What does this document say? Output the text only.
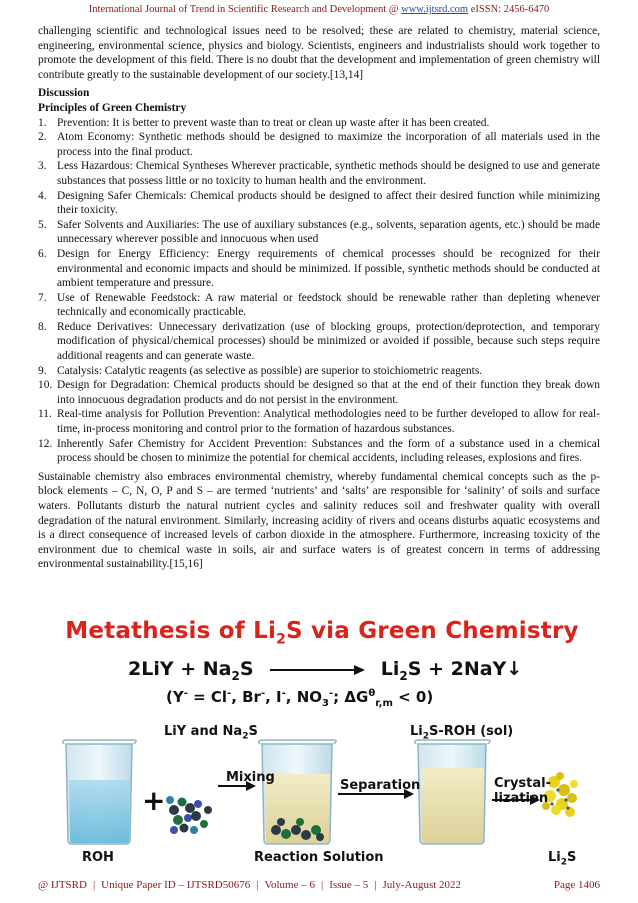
International Journal of Trend in Scientific Research and Development @ www.ijtsrd.com eISSN: 2456-6470

challenging scientific and technological issues need to be resolved; these are related to chemistry, material science, engineering, environmental science, physics and biology. Scientists, engineers and industrialists should work together to promote the development of this field. There is no doubt that the development and implementation of green chemistry will contribute greatly to the sustainable development of our society.[13,14]

Discussion

Principles of Green Chemistry

1. Prevention: It is better to prevent waste than to treat or clean up waste after it has been created.
2. Atom Economy: Synthetic methods should be designed to maximize the incorporation of all materials used in the process into the final product.
3. Less Hazardous: Chemical Syntheses Wherever practicable, synthetic methods should be designed to use and generate substances that possess little or no toxicity to human health and the environment.
4. Designing Safer Chemicals: Chemical products should be designed to affect their desired function while minimizing their toxicity.
5. Safer Solvents and Auxiliaries: The use of auxiliary substances (e.g., solvents, separation agents, etc.) should be made unnecessary wherever possible and innocuous when used
6. Design for Energy Efficiency: Energy requirements of chemical processes should be recognized for their environmental and economic impacts and should be minimized. If possible, synthetic methods should be conducted at ambient temperature and pressure.
7. Use of Renewable Feedstock: A raw material or feedstock should be renewable rather than depleting whenever technically and economically practicable.
8. Reduce Derivatives: Unnecessary derivatization (use of blocking groups, protection/deprotection, and temporary modification of physical/chemical processes) should be minimized or avoided if possible, because such steps require additional reagents and can generate waste.
9. Catalysis: Catalytic reagents (as selective as possible) are superior to stoichiometric reagents.
10. Design for Degradation: Chemical products should be designed so that at the end of their function they break down into innocuous degradation products and do not persist in the environment.
11. Real-time analysis for Pollution Prevention: Analytical methodologies need to be further developed to allow for real-time, in-process monitoring and control prior to the formation of hazardous substances.
12. Inherently Safer Chemistry for Accident Prevention: Substances and the form of a substance used in a chemical process should be chosen to minimize the potential for chemical accidents, including releases, explosions and fires.

Sustainable chemistry also embraces environmental chemistry, whereby fundamental chemical concepts such as the p-block elements – C, N, O, P and S – are termed ‘nutrients’ and ‘salts’ are responsible for ‘salinity’ of soils and surface waters. Pollutants disturb the natural nutrient cycles and salinity reduces soil and freshwater quality with overall degradation of the natural environment. Similarly, increasing acidity of rivers and oceans disturbs aquatic ecosystems and is a direct consequence of increased levels of carbon dioxide in the atmosphere. Furthermore, increasing toxicity of the environment due to chemical waste in soils, air and surface waters is of greatest concern in terms of addressing environmental sustainability.[15,16]

Metathesis of $Li_2S$ via Green Chemistry
$2LiY + Na_2S$	$Li_2S$ + 2NaY↓
(Y- = Cl-, Br-, I-, $NO_3^-$; $\Delta G^\theta_{r,m} < 0$)
LiY and $Na_2S$	$Li_2S$-ROH (sol)
+
Mixing
Separation	Crystal-
lization
ROH	Reaction Solution	$Li_2S$
@ IJTSRD | Unique Paper ID – IJTSRD50676 | Volume – 6 | Issue – 5 | July-August 2022	Page 1406
